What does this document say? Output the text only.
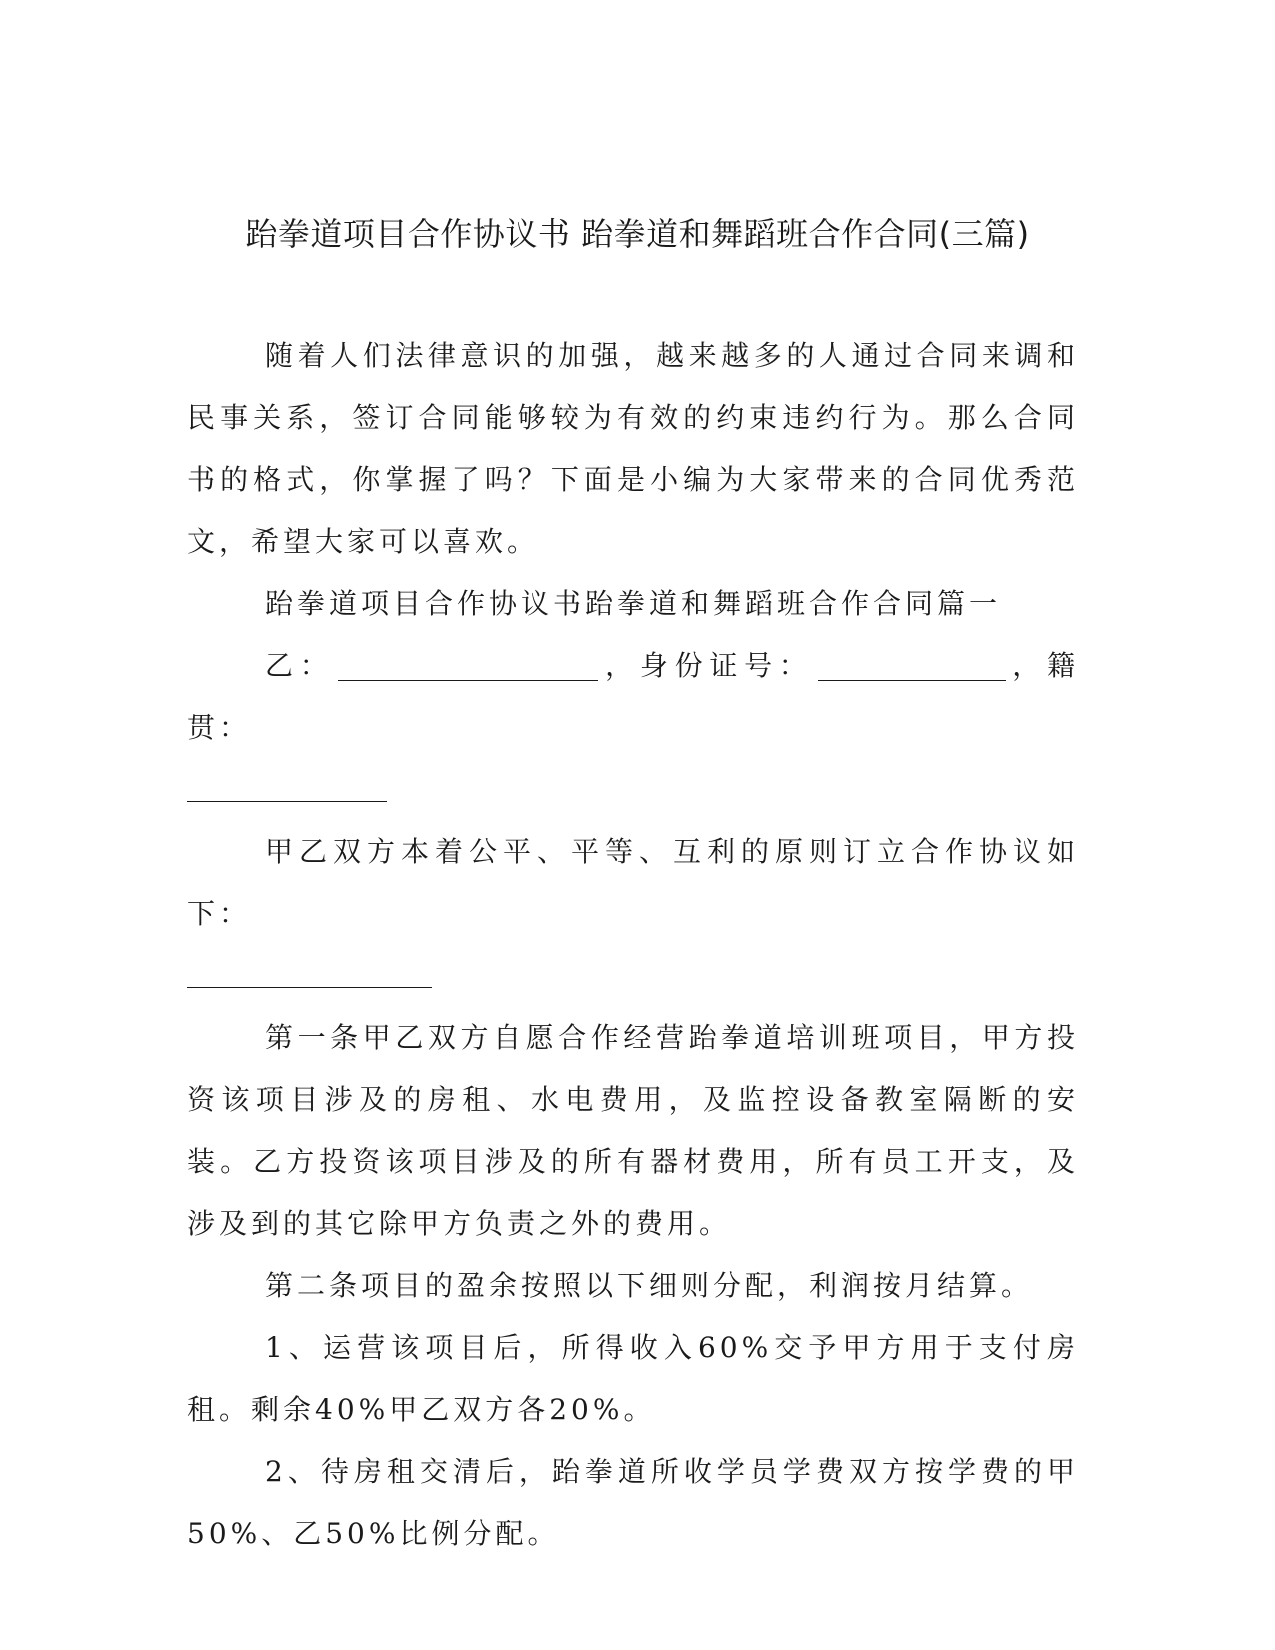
跆拳道项目合作协议书 跆拳道和舞蹈班合作合同(三篇)

随着人们法律意识的加强，越来越多的人通过合同来调和民事关系，签订合同能够较为有效的约束违约行为。那么合同书的格式，你掌握了吗？下面是小编为大家带来的合同优秀范文，希望大家可以喜欢。

跆拳道项目合作协议书跆拳道和舞蹈班合作合同篇一

乙：	，身份证号：	，籍贯：

甲乙双方本着公平、平等、互利的原则订立合作协议如下：

第一条甲乙双方自愿合作经营跆拳道培训班项目，甲方投资该项目涉及的房租、水电费用，及监控设备教室隔断的安装。乙方投资该项目涉及的所有器材费用，所有员工开支，及涉及到的其它除甲方负责之外的费用。

第二条项目的盈余按照以下细则分配，利润按月结算。

1、运营该项目后，所得收入60%交予甲方用于支付房租。剩余40%甲乙双方各20%。

2、待房租交清后，跆拳道所收学员学费双方按学费的甲50%、乙50%比例分配。
